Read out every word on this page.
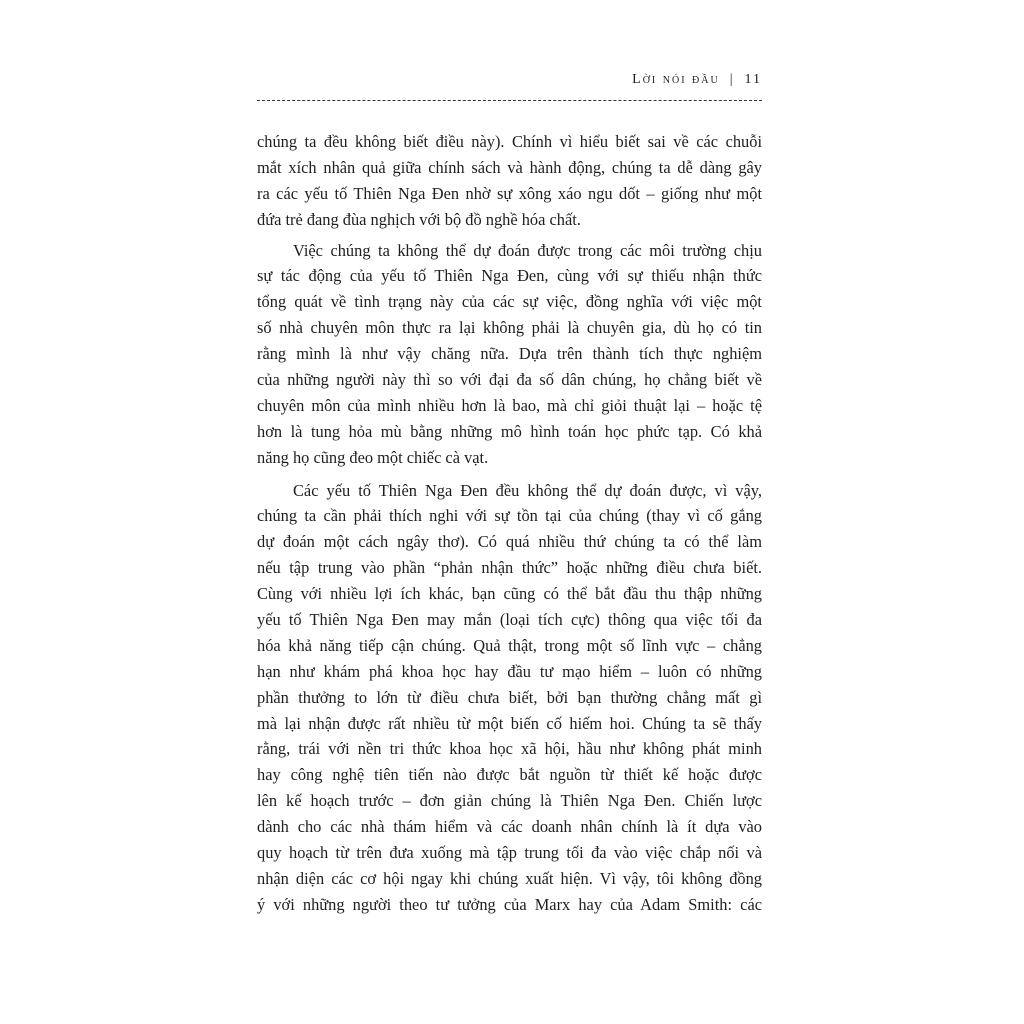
Lời nói đầu | 11
chúng ta đều không biết điều này). Chính vì hiểu biết sai về các chuỗi
mắt xích nhân quả giữa chính sách và hành động, chúng ta dễ dàng gây
ra các yếu tố Thiên Nga Đen nhờ sự xông xáo ngu dốt – giống như một
đứa trẻ đang đùa nghịch với bộ đồ nghề hóa chất.
Việc chúng ta không thể dự đoán được trong các môi trường chịu
sự tác động của yếu tố Thiên Nga Đen, cùng với sự thiếu nhận thức
tổng quát về tình trạng này của các sự việc, đồng nghĩa với việc một
số nhà chuyên môn thực ra lại không phải là chuyên gia, dù họ có tin
rằng mình là như vậy chăng nữa. Dựa trên thành tích thực nghiệm
của những người này thì so với đại đa số dân chúng, họ chẳng biết về
chuyên môn của mình nhiều hơn là bao, mà chỉ giỏi thuật lại – hoặc tệ
hơn là tung hỏa mù bằng những mô hình toán học phức tạp. Có khả
năng họ cũng đeo một chiếc cà vạt.
Các yếu tố Thiên Nga Đen đều không thể dự đoán được, vì vậy,
chúng ta cần phải thích nghi với sự tồn tại của chúng (thay vì cố gắng
dự đoán một cách ngây thơ). Có quá nhiều thứ chúng ta có thể làm
nếu tập trung vào phần “phản nhận thức” hoặc những điều chưa biết.
Cùng với nhiều lợi ích khác, bạn cũng có thể bắt đầu thu thập những
yếu tố Thiên Nga Đen may mắn (loại tích cực) thông qua việc tối đa
hóa khả năng tiếp cận chúng. Quả thật, trong một số lĩnh vực – chẳng
hạn như khám phá khoa học hay đầu tư mạo hiểm – luôn có những
phần thưởng to lớn từ điều chưa biết, bởi bạn thường chẳng mất gì
mà lại nhận được rất nhiều từ một biến cố hiếm hoi. Chúng ta sẽ thấy
rằng, trái với nền tri thức khoa học xã hội, hầu như không phát minh
hay công nghệ tiên tiến nào được bắt nguồn từ thiết kế hoặc được
lên kế hoạch trước – đơn giản chúng là Thiên Nga Đen. Chiến lược
dành cho các nhà thám hiểm và các doanh nhân chính là ít dựa vào
quy hoạch từ trên đưa xuống mà tập trung tối đa vào việc chắp nối và
nhận diện các cơ hội ngay khi chúng xuất hiện. Vì vậy, tôi không đồng
ý với những người theo tư tưởng của Marx hay của Adam Smith: các
